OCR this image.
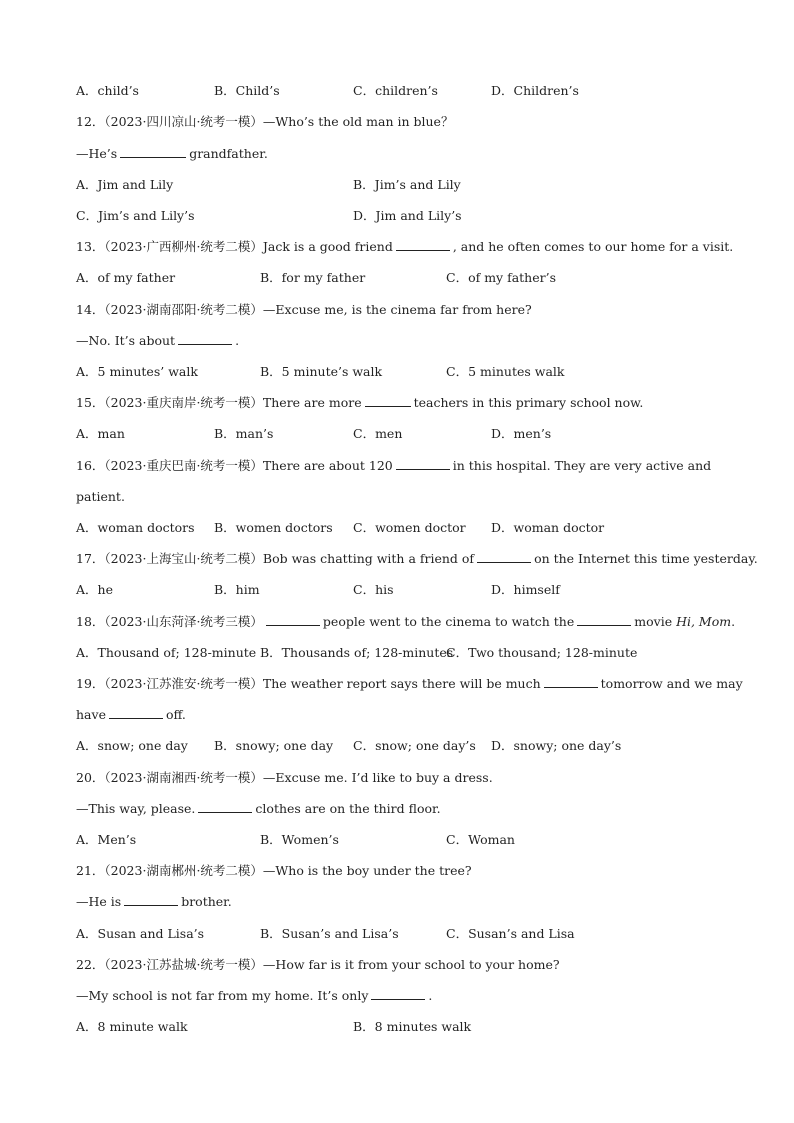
A．child’s	B．Child’s	C．children’s	D．Children’s
12．（2023·四川凉山·统考一模）—Who’s the old man in blue？
—He’s	grandfather.
A．Jim and Lily	B．Jim’s and Lily
C．Jim’s and Lily’s	D．Jim and Lily’s
13．（2023·广西柳州·统考二模）Jack is a good friend	, and he often comes to our home for a visit.
A．of my father	B．for my father	C．of my father’s
14．（2023·湖南邵阳·统考二模）—Excuse me, is the cinema far from here?
—No. It’s about	.
A．5 minutes’ walk	B．5 minute’s walk	C．5 minutes walk
15．（2023·重庆南岸·统考一模）There are more	teachers in this primary school now.
A．man	B．man’s	C．men	D．men’s
16．（2023·重庆巴南·统考一模）There are about 120	in this hospital. They are very active and
patient.
A．woman doctors	B．women doctors	C．women doctor	D．woman doctor
17．（2023·上海宝山·统考二模）Bob was chatting with a friend of	on the Internet this time yesterday.
A．he	B．him	C．his	D．himself
18．（2023·山东菏泽·统考三模）	people went to the cinema to watch the	movie Hi, Mom.
A．Thousand of; 128-minute B．Thousands of; 128-minutes
C．Two thousand; 128-minute
19．（2023·江苏淮安·统考一模）The weather report says there will be much	tomorrow and we may
have	off.
A．snow; one day	B．snowy; one day	C．snow; one day’s	D．snowy; one day’s
20．（2023·湖南湘西·统考一模）—Excuse me. I’d like to buy a dress.
—This way, please.	clothes are on the third floor.
A．Men’s	B．Women’s	C．Woman
21．（2023·湖南郴州·统考二模）—Who is the boy under the tree?
—He is	brother.
A．Susan and Lisa’s	B．Susan’s and Lisa’s	C．Susan’s and Lisa
22．（2023·江苏盐城·统考一模）—How far is it from your school to your home?
—My school is not far from my home. It’s only	.
A．8 minute walk	B．8 minutes walk
